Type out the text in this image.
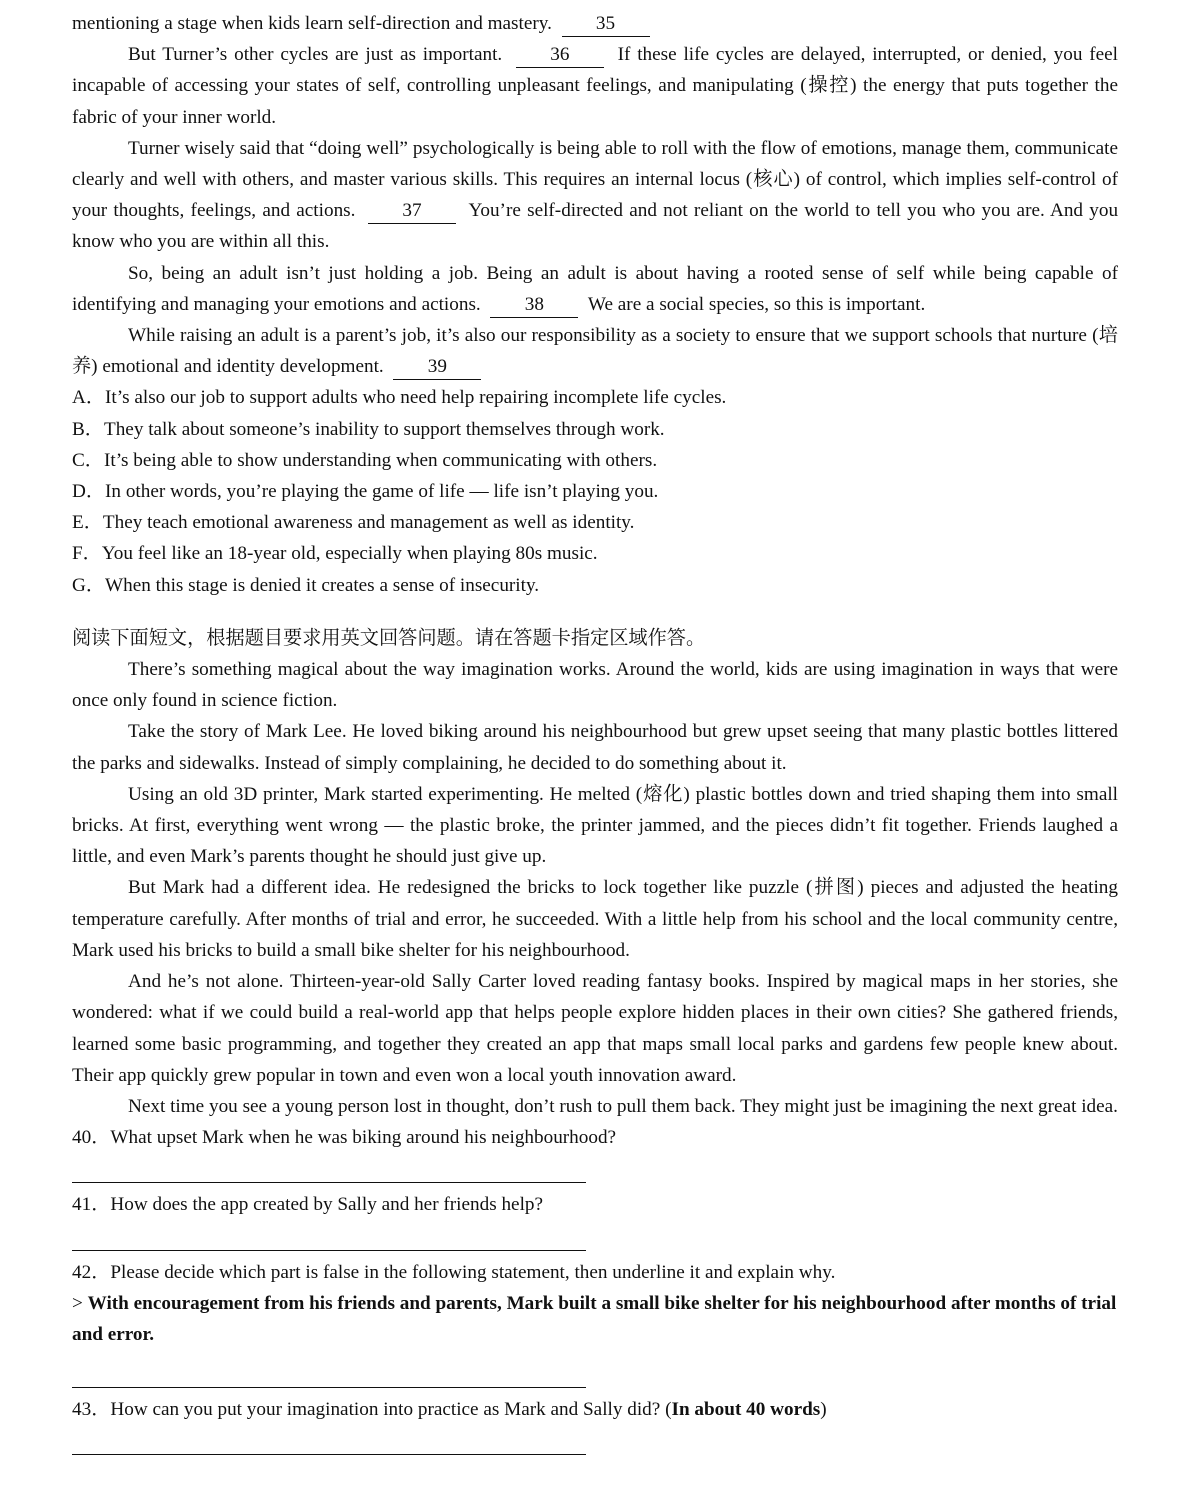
mentioning a stage when kids learn self-direction and mastery. 35

But Turner’s other cycles are just as important.	36	If these life cycles are delayed, interrupted, or denied, you feel incapable of accessing your states of self, controlling unpleasant feelings, and manipulating (操控) the energy that puts together the fabric of your inner world.

Turner wisely said that “doing well” psychologically is being able to roll with the flow of emotions, manage them, communicate clearly and well with others, and master various skills. This requires an internal locus (核心) of control, which implies self-control of your thoughts, feelings, and actions. 37 You’re self-directed and not reliant on the world to tell you who you are. And you know who you are within all this.

So, being an adult isn’t just holding a job. Being an adult is about having a rooted sense of self while being capable of identifying and managing your emotions and actions. 38 We are a social species, so this is important.

While raising an adult is a parent’s job, it’s also our responsibility as a society to ensure that we support schools that nurture (培养) emotional and identity development. 39

A．It’s also our job to support adults who need help repairing incomplete life cycles.

B．They talk about someone’s inability to support themselves through work.

C．It’s being able to show understanding when communicating with others.

D．In other words, you’re playing the game of life — life isn’t playing you.

E．They teach emotional awareness and management as well as identity.

F．You feel like an 18-year old, especially when playing 80s music.

G．When this stage is denied it creates a sense of insecurity.

阅读下面短文，根据题目要求用英文回答问题。请在答题卡指定区域作答。

There’s something magical about the way imagination works. Around the world, kids are using imagination in ways that were once only found in science fiction.

Take the story of Mark Lee. He loved biking around his neighbourhood but grew upset seeing that many plastic bottles littered the parks and sidewalks. Instead of simply complaining, he decided to do something about it.

Using an old 3D printer, Mark started experimenting. He melted (熔化) plastic bottles down and tried shaping them into small bricks. At first, everything went wrong — the plastic broke, the printer jammed, and the pieces didn’t fit together. Friends laughed a little, and even Mark’s parents thought he should just give up.

But Mark had a different idea. He redesigned the bricks to lock together like puzzle (拼图) pieces and adjusted the heating temperature carefully. After months of trial and error, he succeeded. With a little help from his school and the local community centre, Mark used his bricks to build a small bike shelter for his neighbourhood.

And he’s not alone. Thirteen-year-old Sally Carter loved reading fantasy books. Inspired by magical maps in her stories, she wondered: what if we could build a real-world app that helps people explore hidden places in their own cities? She gathered friends, learned some basic programming, and together they created an app that maps small local parks and gardens few people knew about. Their app quickly grew popular in town and even won a local youth innovation award.

Next time you see a young person lost in thought, don’t rush to pull them back. They might just be imagining the next great idea.

40．What upset Mark when he was biking around his neighbourhood?

41．How does the app created by Sally and her friends help?

42．Please decide which part is false in the following statement, then underline it and explain why.

> With encouragement from his friends and parents, Mark built a small bike shelter for his neighbourhood after months of trial and error.

43．How can you put your imagination into practice as Mark and Sally did? (In about 40 words)
